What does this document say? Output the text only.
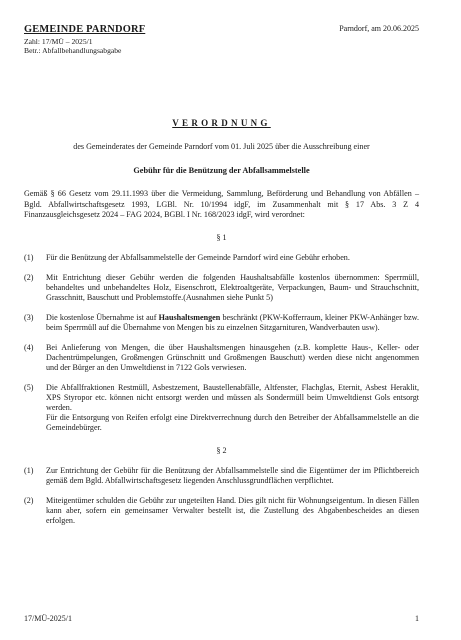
GEMEINDE PARNDORF
Zahl: 17/MÜ – 2025/1
Betr.: Abfallbehandlungsabgabe
Parndorf, am 20.06.2025
VERORDNUNG
des Gemeinderates der Gemeinde Parndorf vom 01. Juli 2025 über die Ausschreibung einer
Gebühr für die Benützung der Abfallsammelstelle
Gemäß § 66 Gesetz vom 29.11.1993 über die Vermeidung, Sammlung, Beförderung und Behandlung von Abfällen – Bgld. Abfallwirtschaftsgesetz 1993, LGBl. Nr. 10/1994 idgF, im Zusammenhalt mit § 17 Abs. 3 Z 4 Finanzausgleichsgesetz 2024 – FAG 2024, BGBl. I Nr. 168/2023 idgF, wird verordnet:
§ 1
(1)	Für die Benützung der Abfallsammelstelle der Gemeinde Parndorf wird eine Gebühr erhoben.
(2)	Mit Entrichtung dieser Gebühr werden die folgenden Haushaltsabfälle kostenlos übernommen: Sperrmüll, behandeltes und unbehandeltes Holz, Eisenschrott, Elektroaltgeräte, Verpackungen, Baum- und Strauchschnitt, Grasschnitt, Bauschutt und Problemstoffe.(Ausnahmen siehe Punkt 5)
(3)	Die kostenlose Übernahme ist auf Haushaltsmengen beschränkt (PKW-Kofferraum, kleiner PKW-Anhänger bzw. beim Sperrmüll auf die Übernahme von Mengen bis zu einzelnen Sitzgarnituren, Wandverbauten usw).
(4)	Bei Anlieferung von Mengen, die über Haushaltsmengen hinausgehen (z.B. komplette Haus-, Keller- oder Dachentrümpelungen, Großmengen Grünschnitt und Großmengen Bauschutt) werden diese nicht angenommen und der Bürger an den Umweltdienst in 7122 Gols verwiesen.
(5)	Die Abfallfraktionen Restmüll, Asbestzement, Baustellenabfälle, Altfenster, Flachglas, Eternit, Asbest Heraklit, XPS Styropor etc. können nicht entsorgt werden und müssen als Sondermüll beim Umweltdienst Gols entsorgt werden.
Für die Entsorgung von Reifen erfolgt eine Direktverrechnung durch den Betreiber der Abfallsammelstelle an die Gemeindebürger.
§ 2
(1)	Zur Entrichtung der Gebühr für die Benützung der Abfallsammelstelle sind die Eigentümer der im Pflichtbereich gemäß dem Bgld. Abfallwirtschaftsgesetz liegenden Anschlussgrundflächen verpflichtet.
(2)	Miteigentümer schulden die Gebühr zur ungeteilten Hand. Dies gilt nicht für Wohnungseigentum. In diesen Fällen kann aber, sofern ein gemeinsamer Verwalter bestellt ist, die Zustellung des Abgabenbescheides an diesen erfolgen.
17/MÜ-2025/1	1
